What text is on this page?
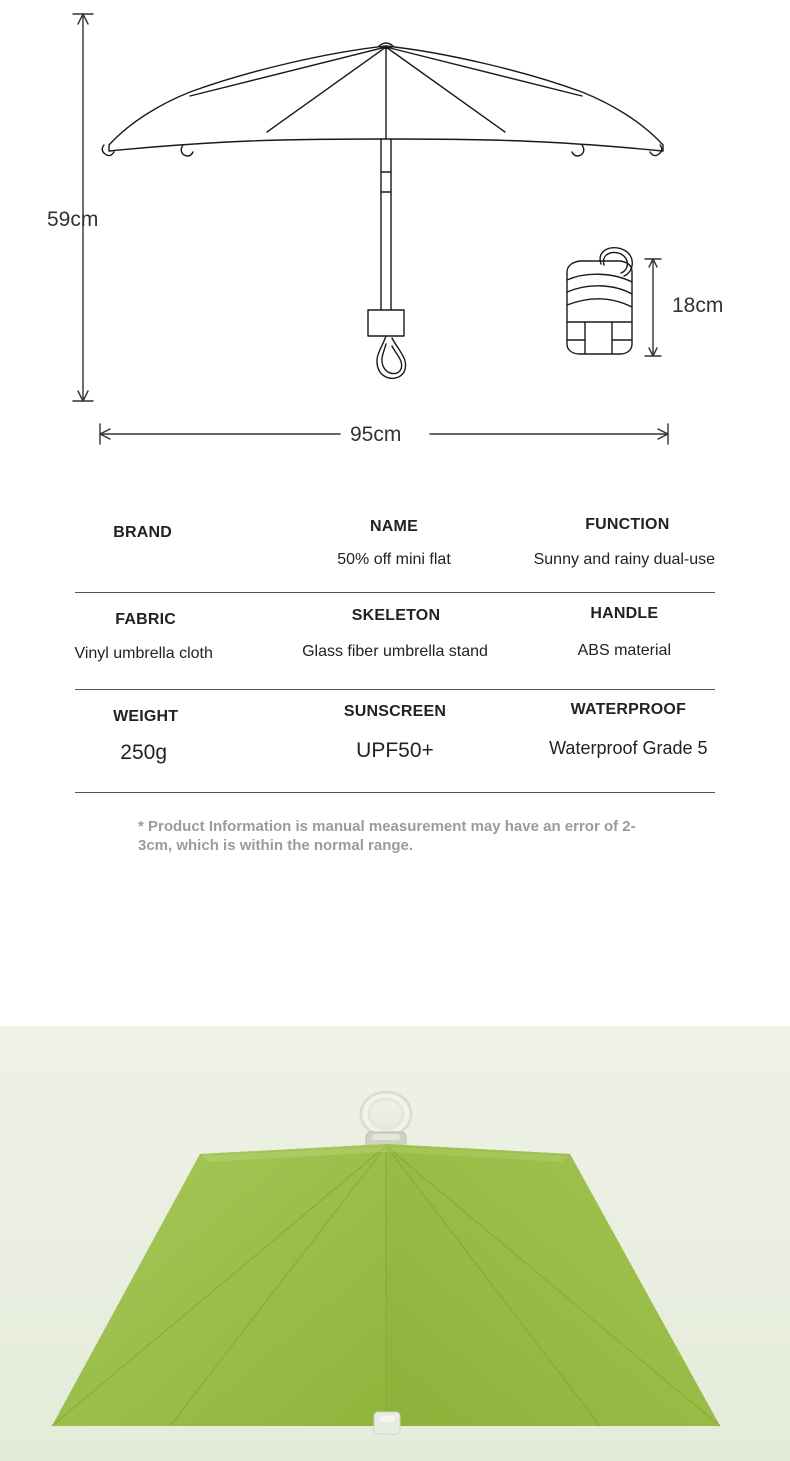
59cm
18cm
95cm
BRAND	NAME
50% off mini flat
FUNCTION
Sunny and rainy dual-use
FABRIC
Vinyl umbrella cloth
SKELETON
Glass fiber umbrella stand
HANDLE
ABS material
WEIGHT
250g
SUNSCREEN
UPF50+
WATERPROOF
Waterproof Grade 5
* Product Information is manual measurement may have an error of 2-3cm, which is within the normal range.
